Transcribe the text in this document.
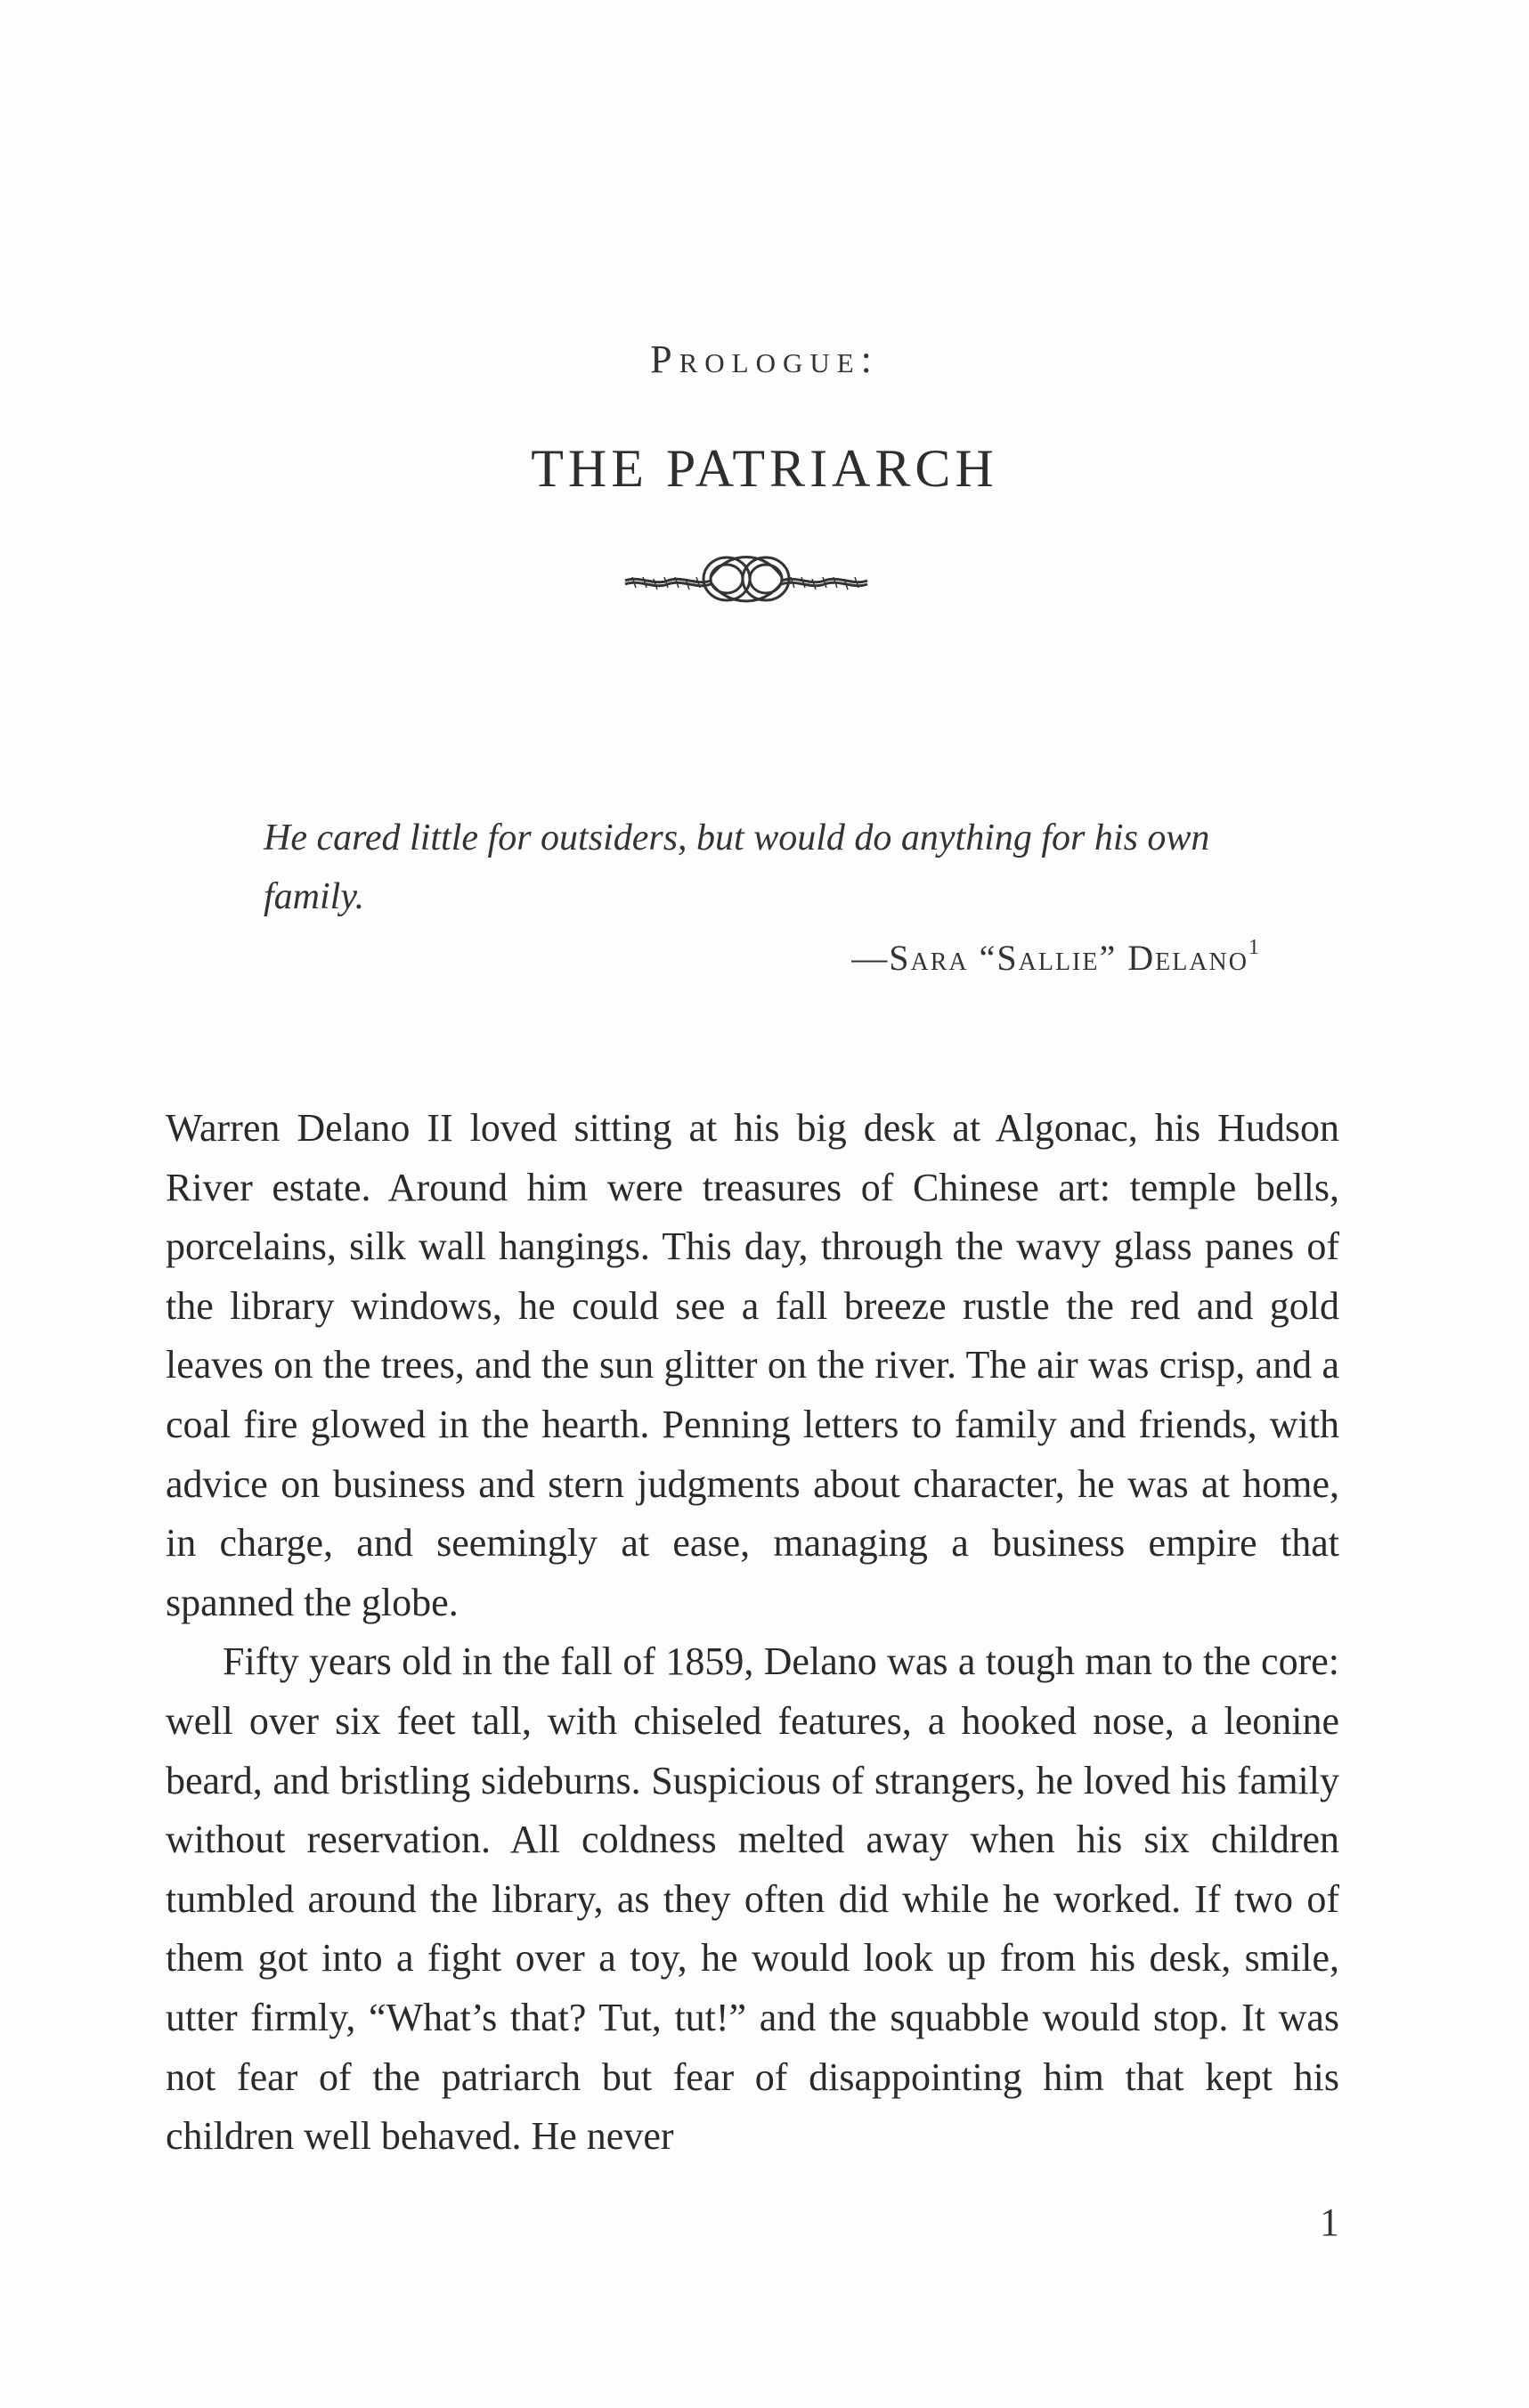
Prologue:
THE PATRIARCH
He cared little for outsiders, but would do anything for his own family.
—Sara “Sallie” Delano$^1$

Warren Delano II loved sitting at his big desk at Algonac, his Hudson River estate. Around him were treasures of Chinese art: temple bells, porcelains, silk wall hangings. This day, through the wavy glass panes of the library windows, he could see a fall breeze rustle the red and gold leaves on the trees, and the sun glitter on the river. The air was crisp, and a coal fire glowed in the hearth. Penning letters to family and friends, with advice on business and stern judgments about character, he was at home, in charge, and seemingly at ease, managing a business empire that spanned the globe.

Fifty years old in the fall of 1859, Delano was a tough man to the core: well over six feet tall, with chiseled features, a hooked nose, a leonine beard, and bristling sideburns. Suspicious of strangers, he loved his family without reservation. All coldness melted away when his six children tumbled around the library, as they often did while he worked. If two of them got into a fight over a toy, he would look up from his desk, smile, utter firmly, “What’s that? Tut, tut!” and the squabble would stop. It was not fear of the patriarch but fear of disappointing him that kept his children well behaved. He never

1
